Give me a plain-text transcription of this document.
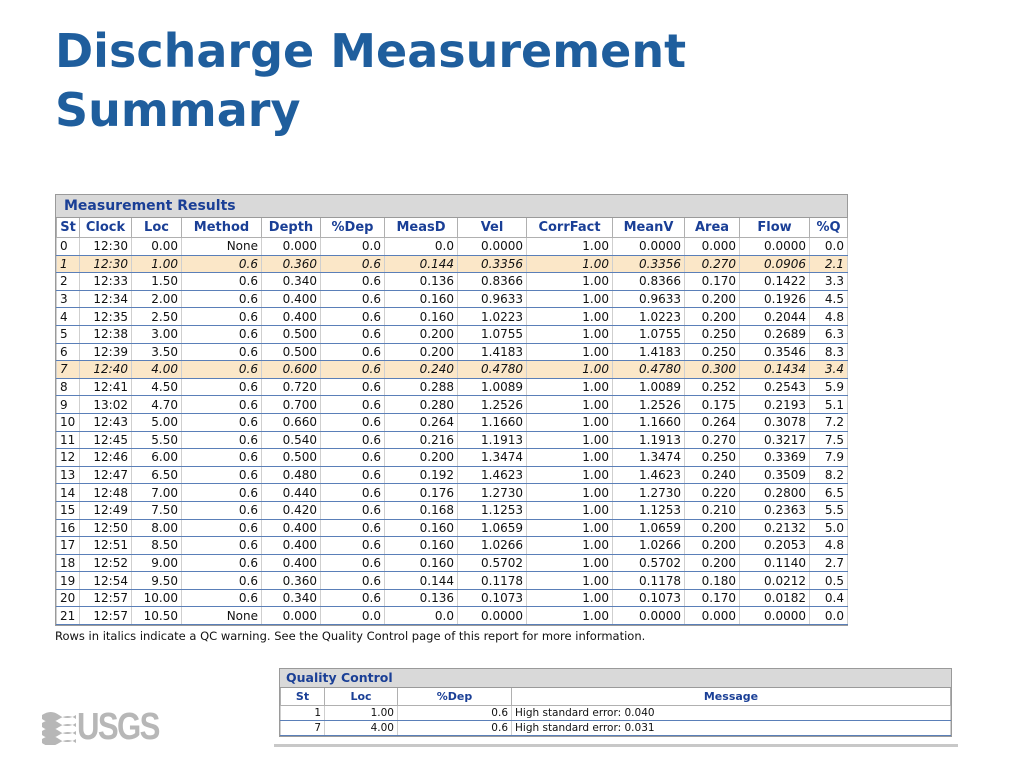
Discharge Measurement
Summary
Measurement Results
St	Clock	Loc	Method	Depth	%Dep	MeasD	Vel	CorrFact	MeanV	Area	Flow	%Q
0	12:30	0.00	None	0.000	0.0	0.0	0.0000	1.00	0.0000	0.000	0.0000	0.0
1	12:30	1.00	0.6	0.360	0.6	0.144	0.3356	1.00	0.3356	0.270	0.0906	2.1
2	12:33	1.50	0.6	0.340	0.6	0.136	0.8366	1.00	0.8366	0.170	0.1422	3.3
3	12:34	2.00	0.6	0.400	0.6	0.160	0.9633	1.00	0.9633	0.200	0.1926	4.5
4	12:35	2.50	0.6	0.400	0.6	0.160	1.0223	1.00	1.0223	0.200	0.2044	4.8
5	12:38	3.00	0.6	0.500	0.6	0.200	1.0755	1.00	1.0755	0.250	0.2689	6.3
6	12:39	3.50	0.6	0.500	0.6	0.200	1.4183	1.00	1.4183	0.250	0.3546	8.3
7	12:40	4.00	0.6	0.600	0.6	0.240	0.4780	1.00	0.4780	0.300	0.1434	3.4
8	12:41	4.50	0.6	0.720	0.6	0.288	1.0089	1.00	1.0089	0.252	0.2543	5.9
9	13:02	4.70	0.6	0.700	0.6	0.280	1.2526	1.00	1.2526	0.175	0.2193	5.1
10	12:43	5.00	0.6	0.660	0.6	0.264	1.1660	1.00	1.1660	0.264	0.3078	7.2
11	12:45	5.50	0.6	0.540	0.6	0.216	1.1913	1.00	1.1913	0.270	0.3217	7.5
12	12:46	6.00	0.6	0.500	0.6	0.200	1.3474	1.00	1.3474	0.250	0.3369	7.9
13	12:47	6.50	0.6	0.480	0.6	0.192	1.4623	1.00	1.4623	0.240	0.3509	8.2
14	12:48	7.00	0.6	0.440	0.6	0.176	1.2730	1.00	1.2730	0.220	0.2800	6.5
15	12:49	7.50	0.6	0.420	0.6	0.168	1.1253	1.00	1.1253	0.210	0.2363	5.5
16	12:50	8.00	0.6	0.400	0.6	0.160	1.0659	1.00	1.0659	0.200	0.2132	5.0
17	12:51	8.50	0.6	0.400	0.6	0.160	1.0266	1.00	1.0266	0.200	0.2053	4.8
18	12:52	9.00	0.6	0.400	0.6	0.160	0.5702	1.00	0.5702	0.200	0.1140	2.7
19	12:54	9.50	0.6	0.360	0.6	0.144	0.1178	1.00	0.1178	0.180	0.0212	0.5
20	12:57	10.00	0.6	0.340	0.6	0.136	0.1073	1.00	0.1073	0.170	0.0182	0.4
21	12:57	10.50	None	0.000	0.0	0.0	0.0000	1.00	0.0000	0.000	0.0000	0.0
Rows in italics indicate a QC warning. See the Quality Control page of this report for more information.
Quality Control
St	Loc	%Dep	Message
1	1.00	0.6	High standard error: 0.040
7	4.00	0.6	High standard error: 0.031
USGS
